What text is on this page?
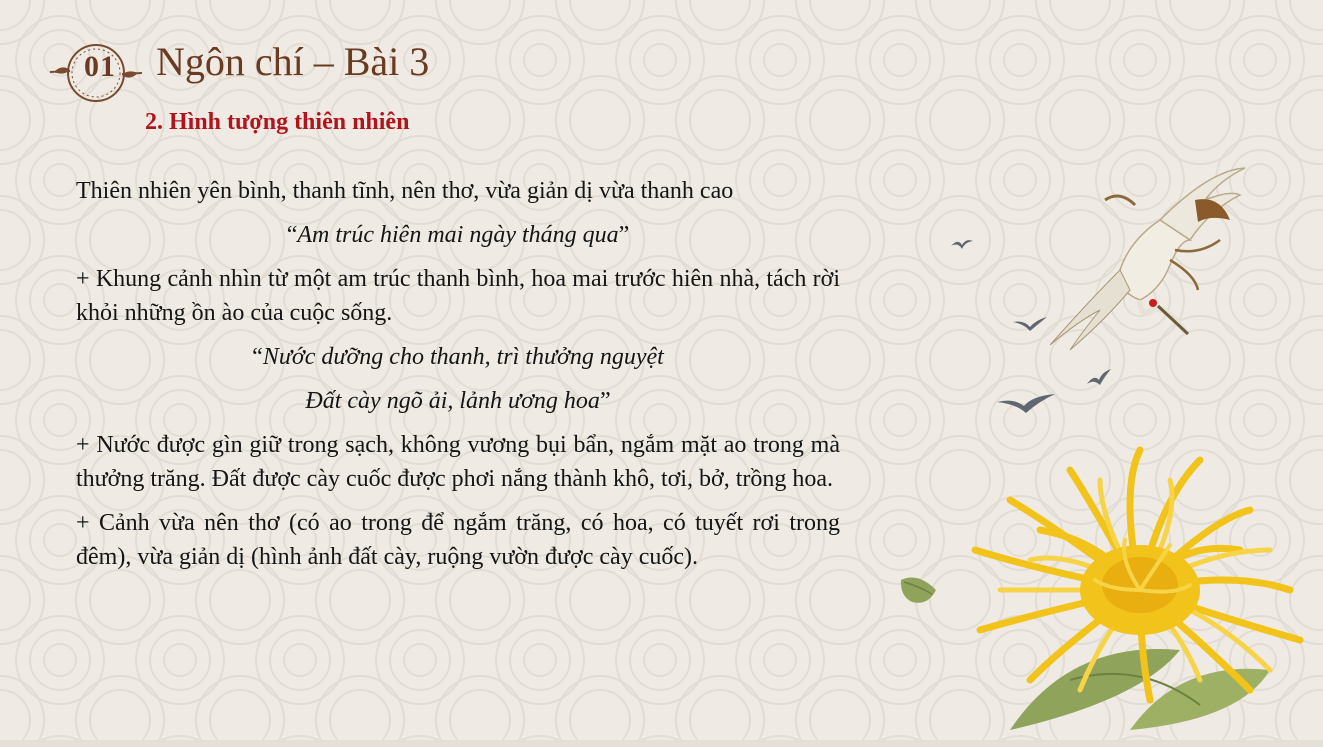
01 Ngôn chí – Bài 3
2. Hình tượng thiên nhiên

Thiên nhiên yên bình, thanh tĩnh, nên thơ, vừa giản dị vừa thanh cao

“Am trúc hiên mai ngày tháng qua”

+ Khung cảnh nhìn từ một am trúc thanh bình, hoa mai trước hiên nhà, tách rời khỏi những ồn ào của cuộc sống.

“Nước dưỡng cho thanh, trì thưởng nguyệt

Đất cày ngõ ải, lảnh ương hoa”

+ Nước được gìn giữ trong sạch, không vương bụi bẩn, ngắm mặt ao trong mà thưởng trăng. Đất được cày cuốc được phơi nắng thành khô, tơi, bở, trồng hoa.

+ Cảnh vừa nên thơ (có ao trong để ngắm trăng, có hoa, có tuyết rơi trong đêm), vừa giản dị (hình ảnh đất cày, ruộng vườn được cày cuốc).
